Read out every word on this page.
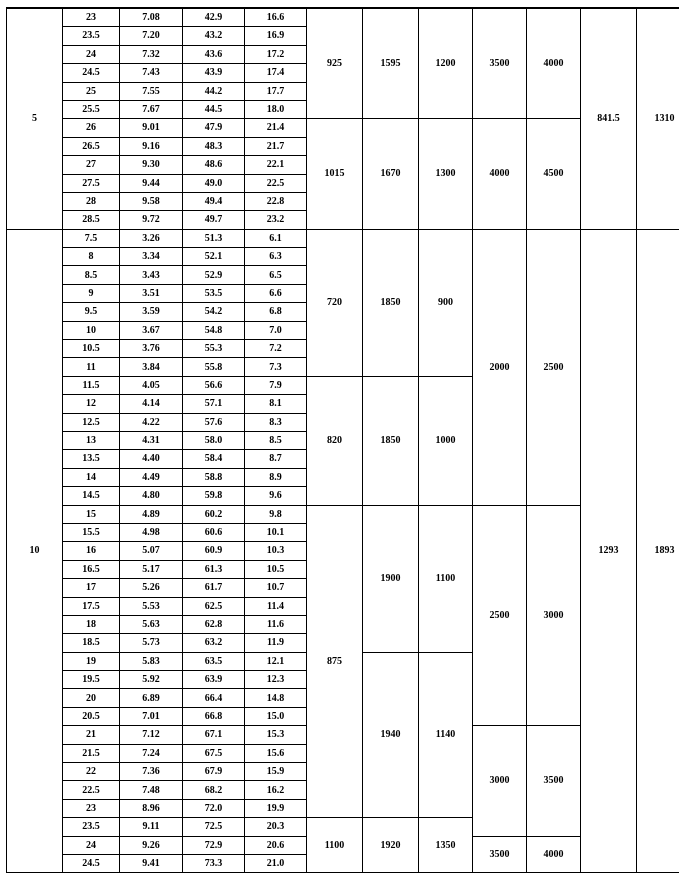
5	23	7.08	42.9	16.6	925	1595	1200	3500	4000	841.5	1310
	23.5	7.20	43.2	16.9							
	24	7.32	43.6	17.2							
	24.5	7.43	43.9	17.4							
	25	7.55	44.2	17.7							
	25.5	7.67	44.5	18.0							
	26	9.01	47.9	21.4	1015	1670	1300	4000	4500		
	26.5	9.16	48.3	21.7							
	27	9.30	48.6	22.1							
	27.5	9.44	49.0	22.5							
	28	9.58	49.4	22.8							
	28.5	9.72	49.7	23.2							
10	7.5	3.26	51.3	6.1	720	1850	900	2000	2500	1293	1893
	8	3.34	52.1	6.3							
	8.5	3.43	52.9	6.5							
	9	3.51	53.5	6.6							
	9.5	3.59	54.2	6.8							
	10	3.67	54.8	7.0							
	10.5	3.76	55.3	7.2							
	11	3.84	55.8	7.3							
	11.5	4.05	56.6	7.9	820	1850	1000				
	12	4.14	57.1	8.1							
	12.5	4.22	57.6	8.3							
	13	4.31	58.0	8.5							
	13.5	4.40	58.4	8.7							
	14	4.49	58.8	8.9							
	14.5	4.80	59.8	9.6							
	15	4.89	60.2	9.8	875	1900	1100	2500	3000		
	15.5	4.98	60.6	10.1							
	16	5.07	60.9	10.3							
	16.5	5.17	61.3	10.5							
	17	5.26	61.7	10.7							
	17.5	5.53	62.5	11.4							
	18	5.63	62.8	11.6							
	18.5	5.73	63.2	11.9							
	19	5.83	63.5	12.1		1940	1140				
	19.5	5.92	63.9	12.3							
	20	6.89	66.4	14.8							
	20.5	7.01	66.8	15.0							
	21	7.12	67.1	15.3				3000	3500		
	21.5	7.24	67.5	15.6							
	22	7.36	67.9	15.9							
	22.5	7.48	68.2	16.2							
	23	8.96	72.0	19.9							
	23.5	9.11	72.5	20.3	1100	1920	1350				
	24	9.26	72.9	20.6				3500	4000		
	24.5	9.41	73.3	21.0							
